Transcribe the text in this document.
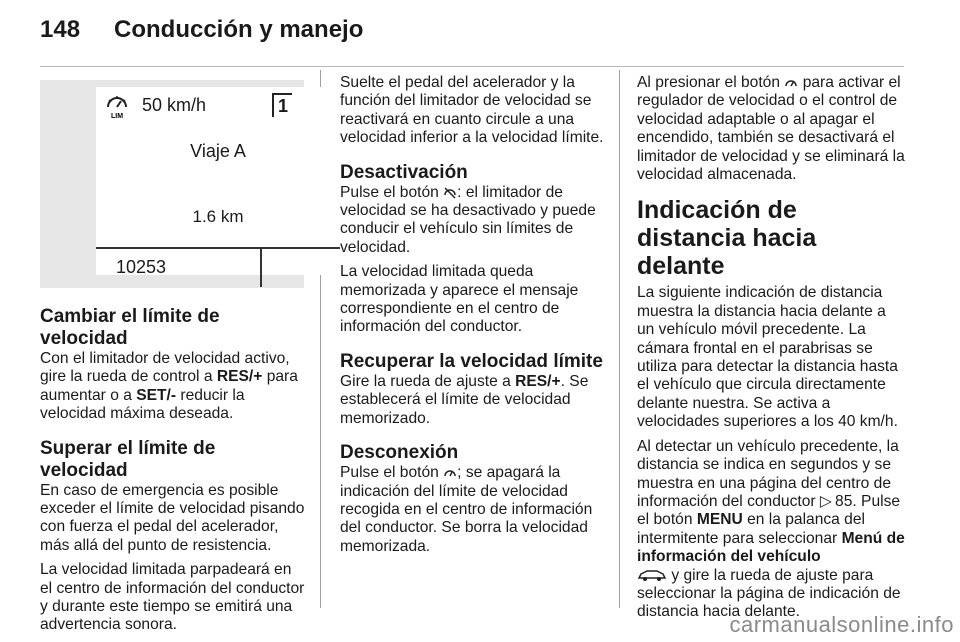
148	Conducción y manejo
LIM
50 km/h	1
Viaje A
1.6 km
10253
Cambiar el límite de velocidad

Con el limitador de velocidad activo, gire la rueda de control a RES/+ para aumentar o a SET/- reducir la velocidad máxima deseada.

Superar el límite de velocidad

En caso de emergencia es posible exceder el límite de velocidad pisando con fuerza el pedal del acelerador, más allá del punto de resistencia.

La velocidad limitada parpadeará en el centro de información del conductor y durante este tiempo se emitirá una advertencia sonora.

Suelte el pedal del acelerador y la función del limitador de velocidad se reactivará en cuanto circule a una velocidad inferior a la velocidad límite.

Desactivación

Pulse el botón : el limitador de velocidad se ha desactivado y puede conducir el vehículo sin límites de velocidad.

La velocidad limitada queda memorizada y aparece el mensaje correspondiente en el centro de información del conductor.

Recuperar la velocidad límite

Gire la rueda de ajuste a RES/+. Se establecerá el límite de velocidad memorizado.

Desconexión

Pulse el botón ; se apagará la indicación del límite de velocidad recogida en el centro de información del conductor. Se borra la velocidad memorizada.

Al presionar el botón  para activar el regulador de velocidad o el control de velocidad adaptable o al apagar el encendido, también se desactivará el limitador de velocidad y se eliminará la velocidad almacenada.

Indicación de distancia hacia delante

La siguiente indicación de distancia muestra la distancia hacia delante a un vehículo móvil precedente. La cámara frontal en el parabrisas se utiliza para detectar la distancia hasta el vehículo que circula directamente delante nuestra. Se activa a velocidades superiores a los 40 km/h.

Al detectar un vehículo precedente, la distancia se indica en segundos y se muestra en una página del centro de información del conductor ▷ 85. Pulse el botón MENU en la palanca del intermitente para seleccionar Menú de información del vehículo
y gire la rueda de ajuste para seleccionar la página de indicación de distancia hacia delante.

carmanualsonline.info
